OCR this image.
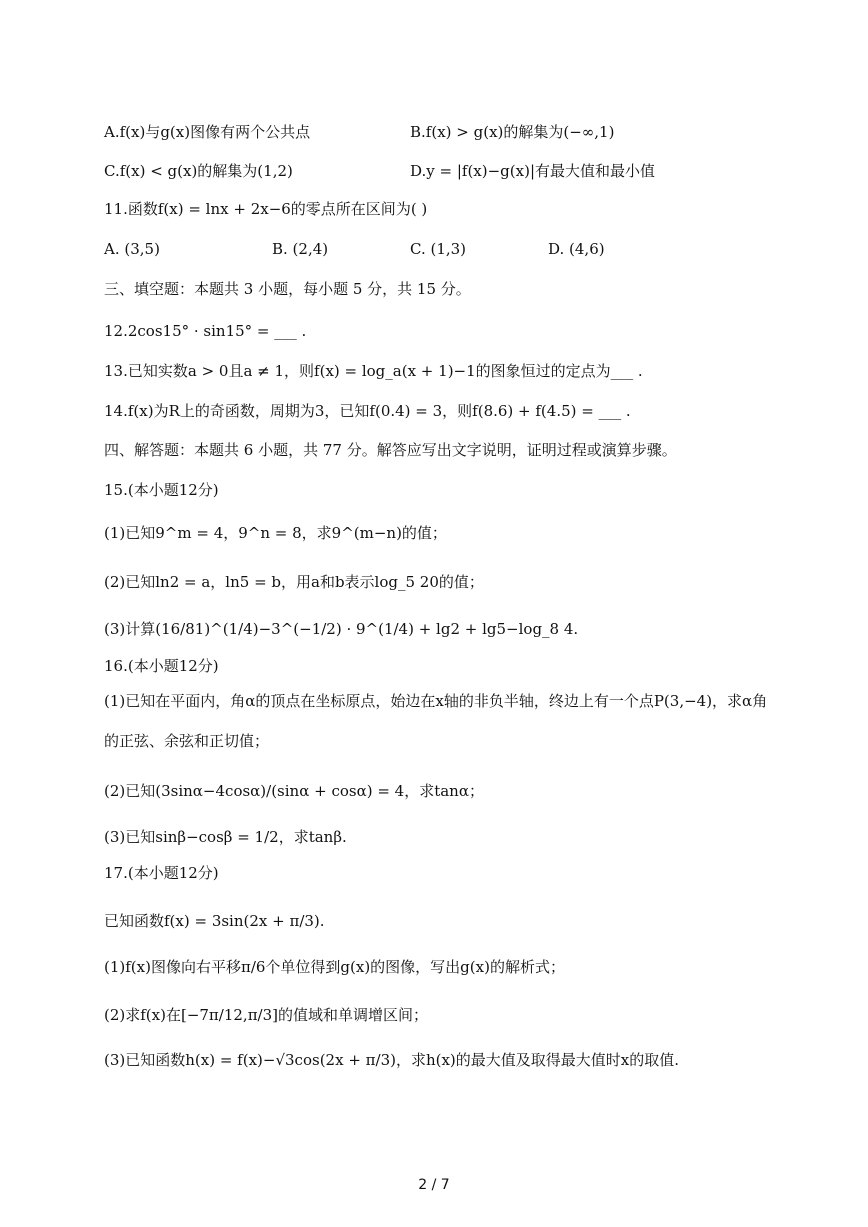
A.f(x)与g(x)图像有两个公共点	B.f(x) > g(x)的解集为(−∞,1)
C.f(x) < g(x)的解集为(1,2)	D.y = |f(x)−g(x)|有最大值和最小值
11.函数f(x) = lnx + 2x−6的零点所在区间为( )
A. (3,5)	B. (2,4)	C. (1,3)	D. (4,6)
三、填空题：本题共 3 小题，每小题 5 分，共 15 分。
12.2cos15° · sin15° = ___ .
13.已知实数a > 0且a ≠ 1，则f(x) = log_a(x + 1)−1的图象恒过的定点为___ .
14.f(x)为R上的奇函数，周期为3，已知f(0.4) = 3，则f(8.6) + f(4.5) = ___ .
四、解答题：本题共 6 小题，共 77 分。解答应写出文字说明，证明过程或演算步骤。
15.(本小题12分)
(1)已知9^m = 4，9^n = 8，求9^(m−n)的值；
(2)已知ln2 = a，ln5 = b，用a和b表示log_5 20的值；
(3)计算(16/81)^(1/4)−3^(−1/2) · 9^(1/4) + lg2 + lg5−log_8 4.
16.(本小题12分)
(1)已知在平面内，角α的顶点在坐标原点，始边在x轴的非负半轴，终边上有一个点P(3,−4)，求α角
的正弦、余弦和正切值；
(2)已知(3sinα−4cosα)/(sinα + cosα) = 4，求tanα；
(3)已知sinβ−cosβ = 1/2，求tanβ.
17.(本小题12分)
已知函数f(x) = 3sin(2x + π/3).
(1)f(x)图像向右平移π/6个单位得到g(x)的图像，写出g(x)的解析式；
(2)求f(x)在[−7π/12,π/3]的值域和单调增区间；
(3)已知函数h(x) = f(x)−√3cos(2x + π/3)，求h(x)的最大值及取得最大值时x的取值.
2 / 7
